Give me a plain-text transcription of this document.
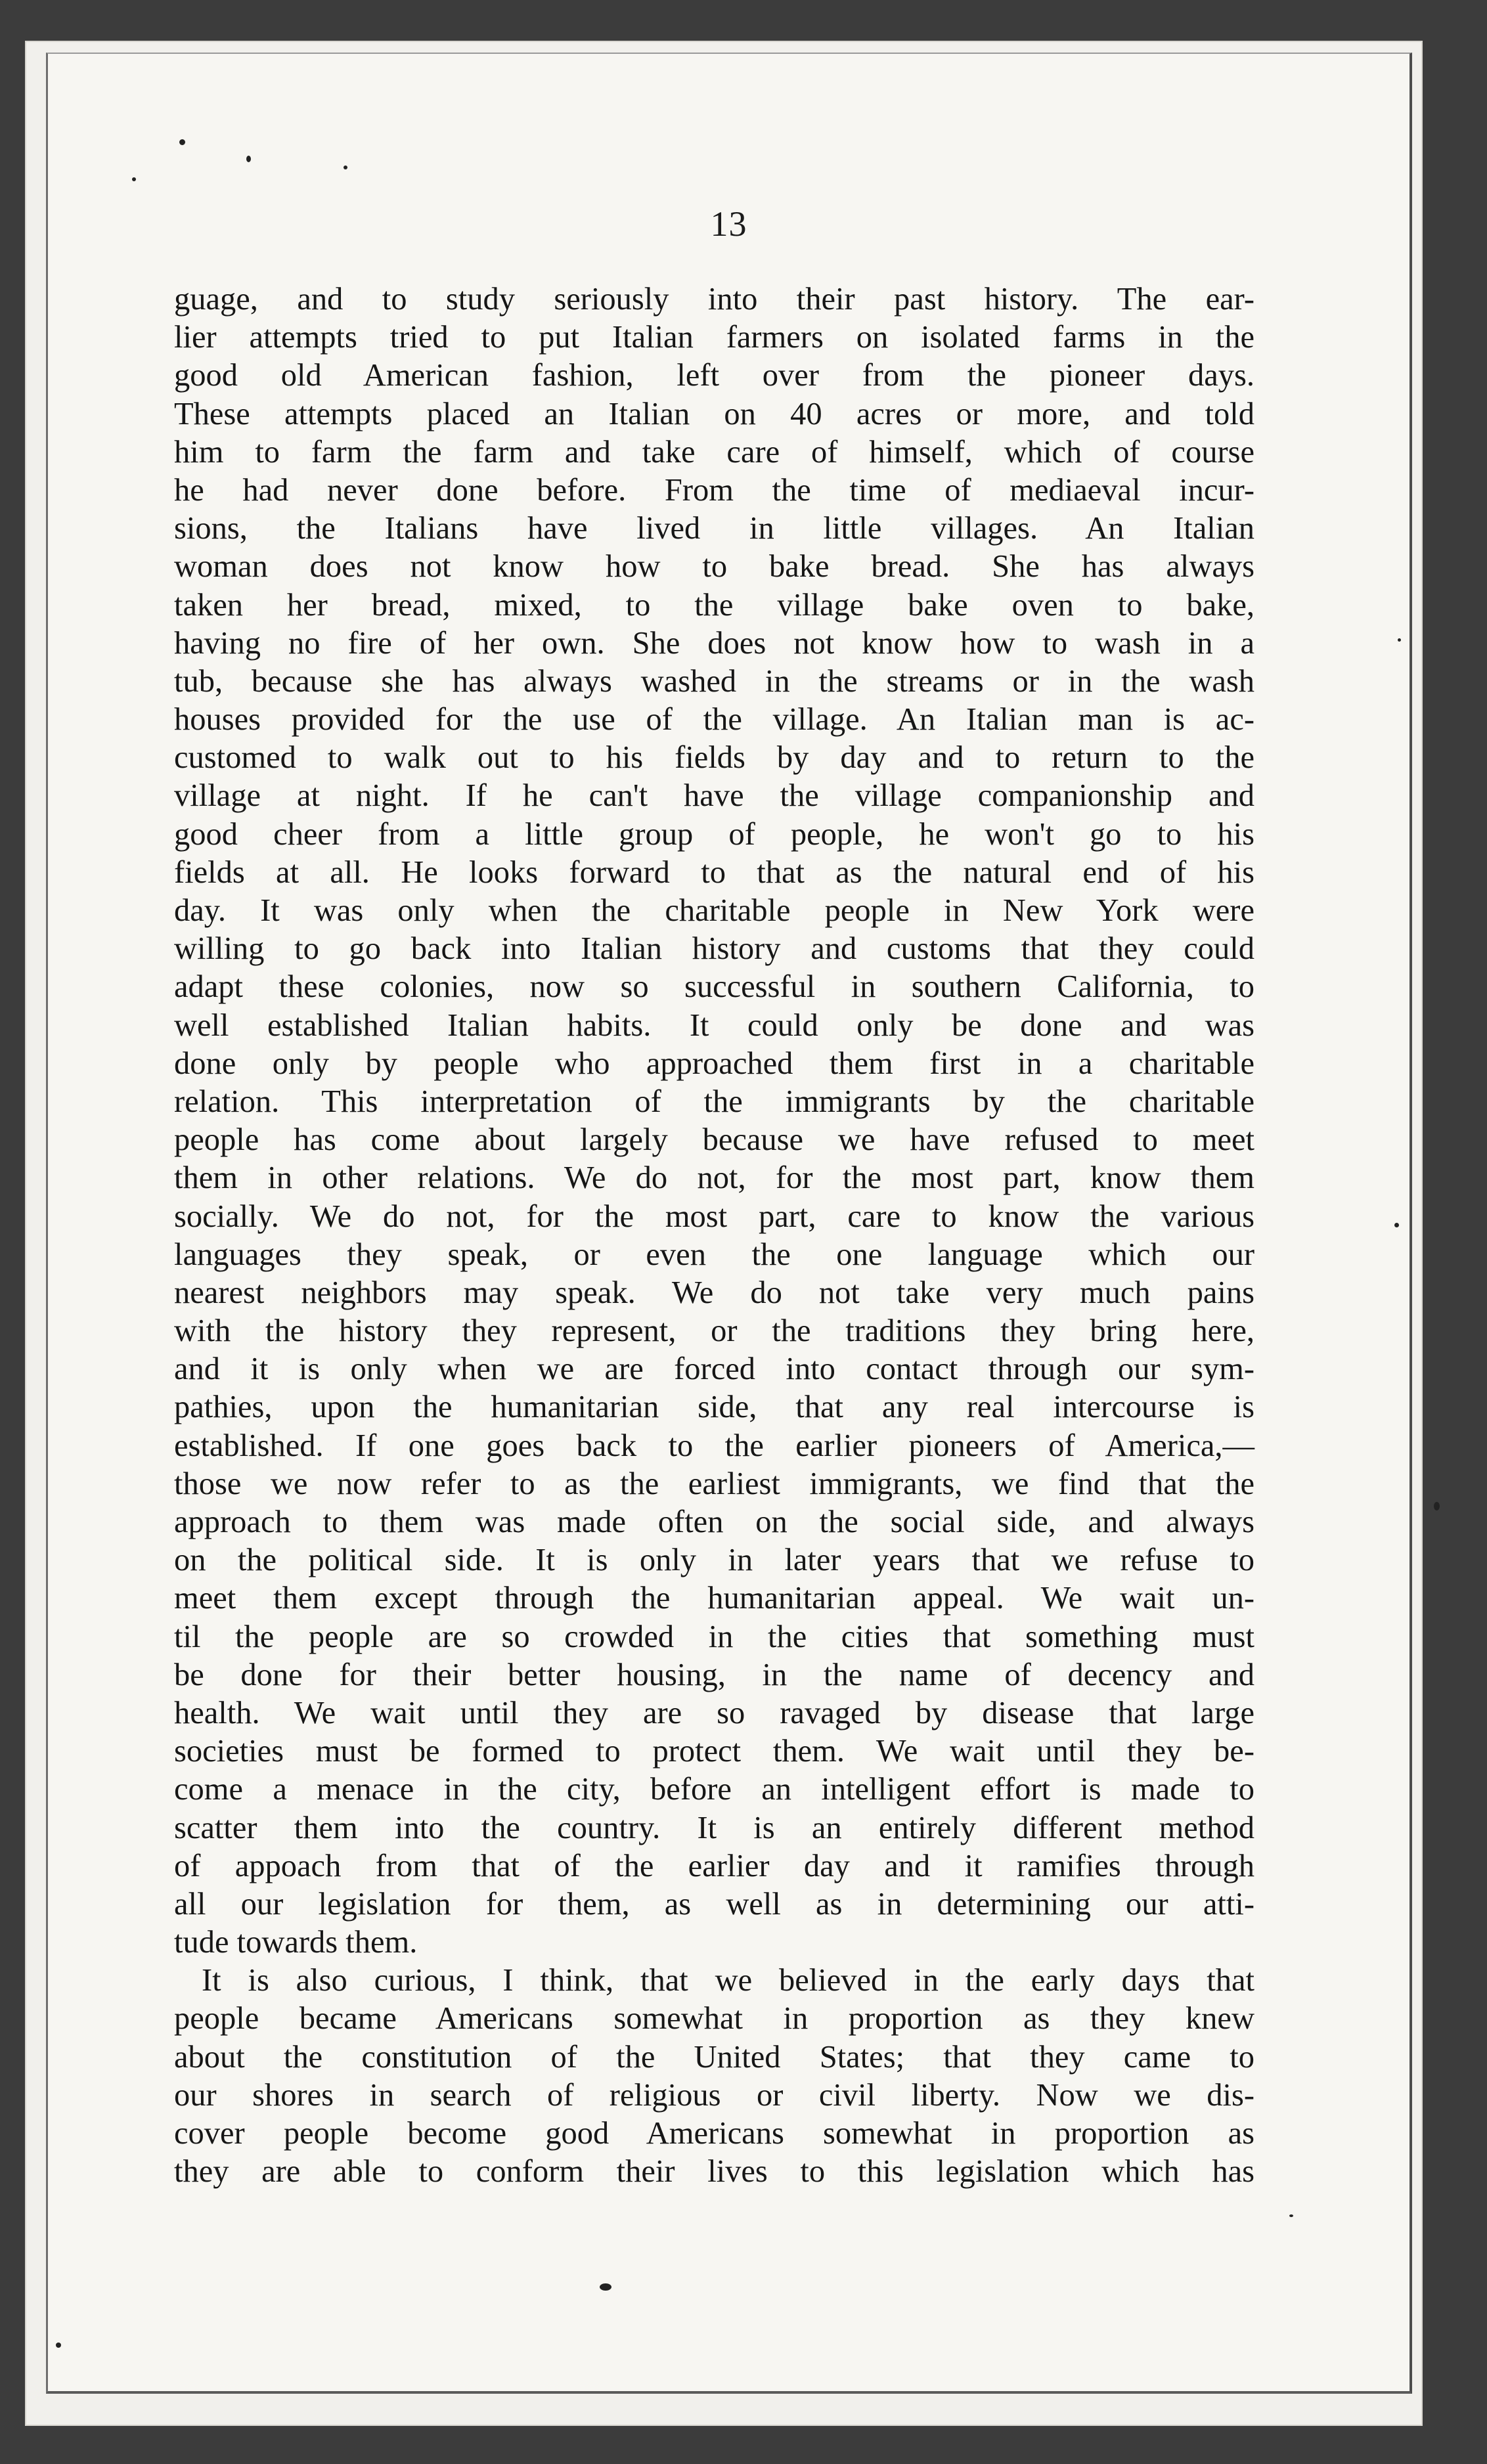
13
guage, and to study seriously into their past history. The ear-
lier attempts tried to put Italian farmers on isolated farms in the
good old American fashion, left over from the pioneer days.
These attempts placed an Italian on 40 acres or more, and told
him to farm the farm and take care of himself, which of course
he had never done before. From the time of mediaeval incur-
sions, the Italians have lived in little villages. An Italian
woman does not know how to bake bread. She has always
taken her bread, mixed, to the village bake oven to bake,
having no fire of her own. She does not know how to wash in a
tub, because she has always washed in the streams or in the wash
houses provided for the use of the village. An Italian man is ac-
customed to walk out to his fields by day and to return to the
village at night. If he can't have the village companionship and
good cheer from a little group of people, he won't go to his
fields at all. He looks forward to that as the natural end of his
day. It was only when the charitable people in New York were
willing to go back into Italian history and customs that they could
adapt these colonies, now so successful in southern California, to
well established Italian habits. It could only be done and was
done only by people who approached them first in a charitable
relation. This interpretation of the immigrants by the charitable
people has come about largely because we have refused to meet
them in other relations. We do not, for the most part, know them
socially. We do not, for the most part, care to know the various
languages they speak, or even the one language which our
nearest neighbors may speak. We do not take very much pains
with the history they represent, or the traditions they bring here,
and it is only when we are forced into contact through our sym-
pathies, upon the humanitarian side, that any real intercourse is
established. If one goes back to the earlier pioneers of America,—
those we now refer to as the earliest immigrants, we find that the
approach to them was made often on the social side, and always
on the political side. It is only in later years that we refuse to
meet them except through the humanitarian appeal. We wait un-
til the people are so crowded in the cities that something must
be done for their better housing, in the name of decency and
health. We wait until they are so ravaged by disease that large
societies must be formed to protect them. We wait until they be-
come a menace in the city, before an intelligent effort is made to
scatter them into the country. It is an entirely different method
of appoach from that of the earlier day and it ramifies through
all our legislation for them, as well as in determining our atti-
tude towards them.
It is also curious, I think, that we believed in the early days that
people became Americans somewhat in proportion as they knew
about the constitution of the United States; that they came to
our shores in search of religious or civil liberty. Now we dis-
cover people become good Americans somewhat in proportion as
they are able to conform their lives to this legislation which has
